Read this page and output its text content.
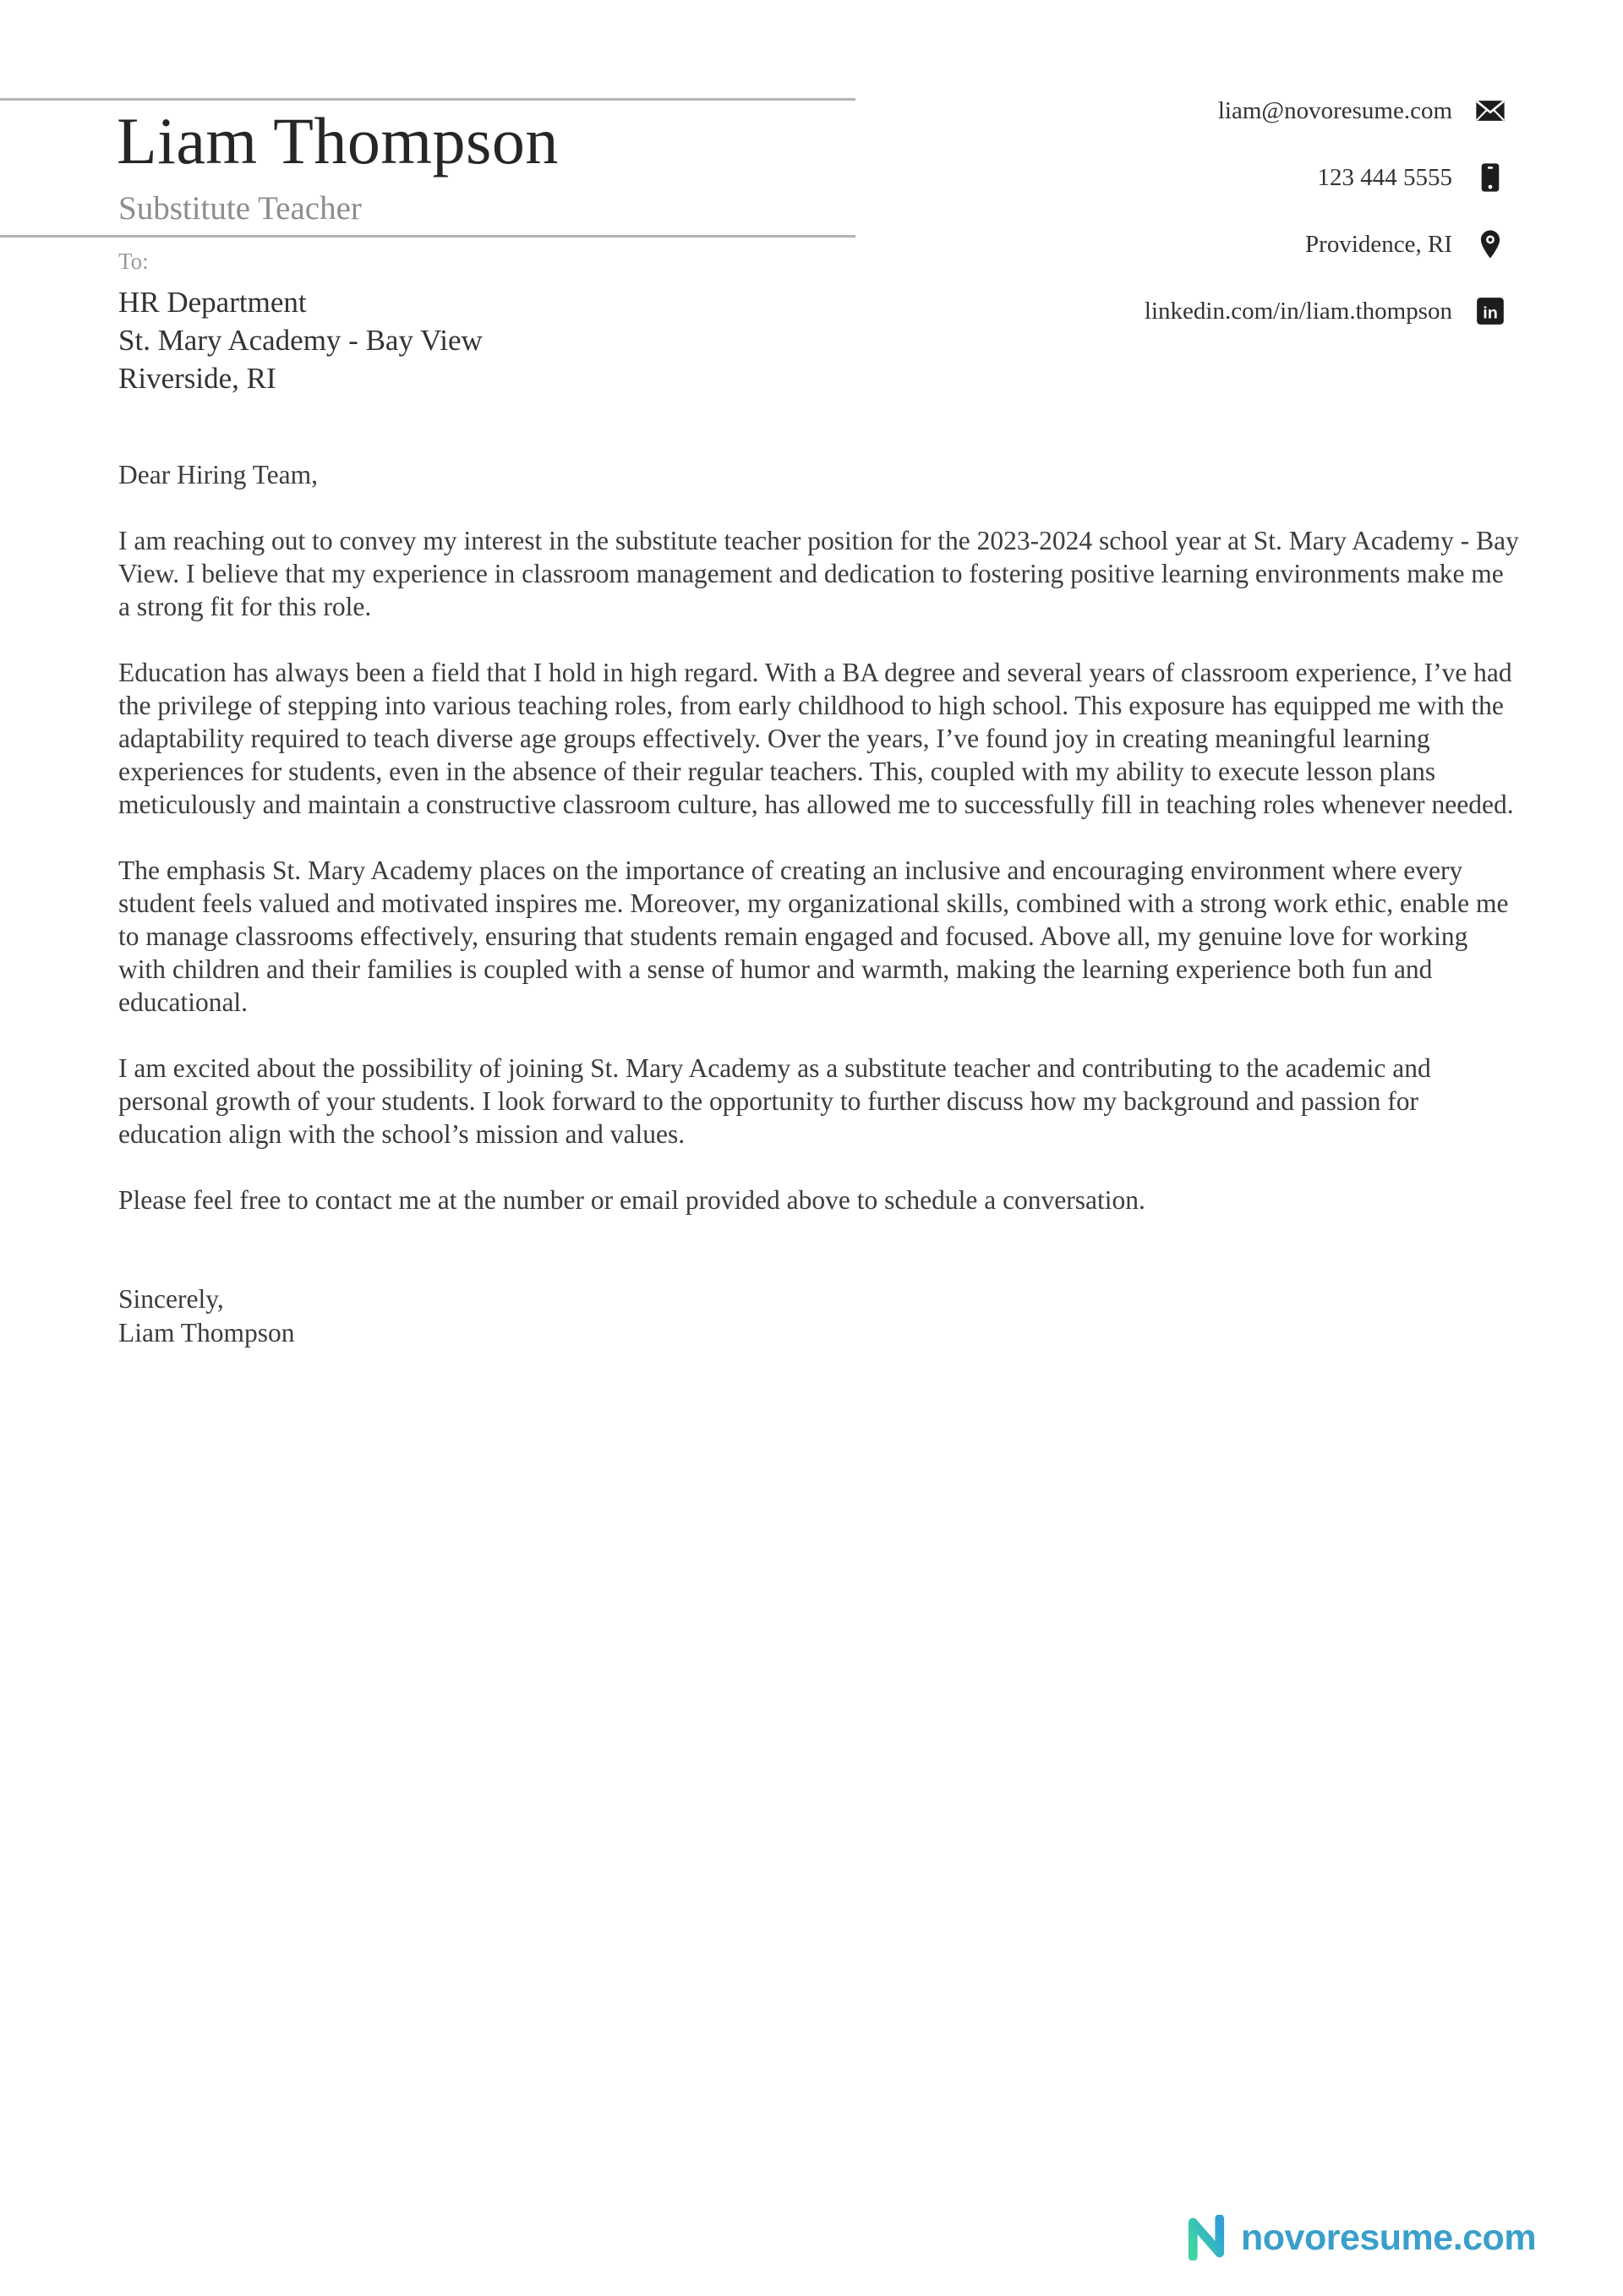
Liam Thompson
Substitute Teacher
liam@novoresume.com
123 444 5555
Providence, RI
linkedin.com/in/liam.thompson	in
To:
HR Department
St. Mary Academy - Bay View
Riverside, RI

Dear Hiring Team,

I am reaching out to convey my interest in the substitute teacher position for the 2023-2024 school year at St. Mary Academy - Bay View. I believe that my experience in classroom management and dedication to fostering positive learning environments make me a strong fit for this role.

Education has always been a field that I hold in high regard. With a BA degree and several years of classroom experience, I’ve had the privilege of stepping into various teaching roles, from early childhood to high school. This exposure has equipped me with the adaptability required to teach diverse age groups effectively. Over the years, I’ve found joy in creating meaningful learning experiences for students, even in the absence of their regular teachers. This, coupled with my ability to execute lesson plans meticulously and maintain a constructive classroom culture, has allowed me to successfully fill in teaching roles whenever needed.

The emphasis St. Mary Academy places on the importance of creating an inclusive and encouraging environment where every student feels valued and motivated inspires me. Moreover, my organizational skills, combined with a strong work ethic, enable me to manage classrooms effectively, ensuring that students remain engaged and focused. Above all, my genuine love for working with children and their families is coupled with a sense of humor and warmth, making the learning experience both fun and educational.

I am excited about the possibility of joining St. Mary Academy as a substitute teacher and contributing to the academic and personal growth of your students. I look forward to the opportunity to further discuss how my background and passion for education align with the school’s mission and values.

Please feel free to contact me at the number or email provided above to schedule a conversation.

Sincerely,
Liam Thompson
novoresume.com
